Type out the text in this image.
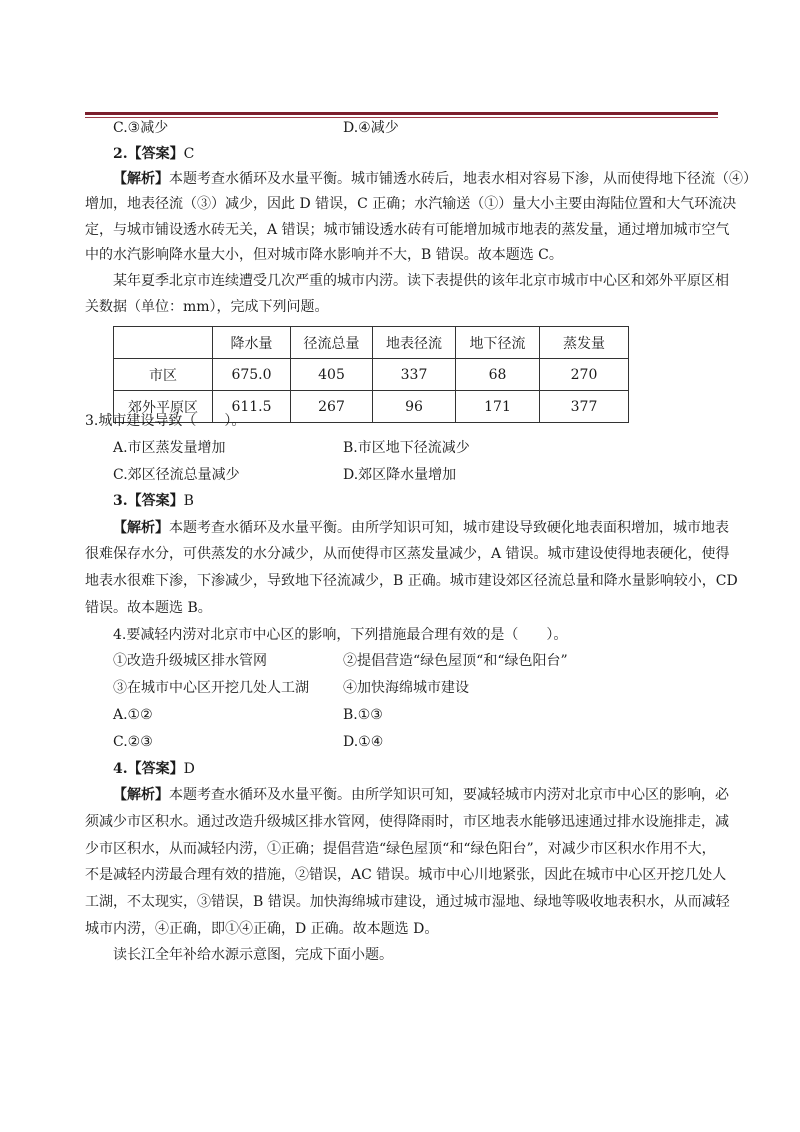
C.③减少	D.④减少
2.【答案】C
【解析】本题考查水循环及水量平衡。城市铺透水砖后，地表水相对容易下渗，从而使得地下径流（④）
增加，地表径流（③）减少，因此 D 错误，C 正确；水汽输送（①）量大小主要由海陆位置和大气环流决
定，与城市铺设透水砖无关，A 错误；城市铺设透水砖有可能增加城市地表的蒸发量，通过增加城市空气
中的水汽影响降水量大小，但对城市降水影响并不大，B 错误。故本题选 C。
某年夏季北京市连续遭受几次严重的城市内涝。读下表提供的该年北京市城市中心区和郊外平原区相
关数据（单位：mm），完成下列问题。
	降水量	径流总量	地表径流	地下径流	蒸发量
市区	675.0	405	337	68	270
郊外平原区	611.5	267	96	171	377
3.城市建设导致（　　）。
A.市区蒸发量增加	B.市区地下径流减少
C.郊区径流总量减少	D.郊区降水量增加
3.【答案】B
【解析】本题考查水循环及水量平衡。由所学知识可知，城市建设导致硬化地表面积增加，城市地表
很难保存水分，可供蒸发的水分减少，从而使得市区蒸发量减少，A 错误。城市建设使得地表硬化，使得
地表水很难下渗，下渗减少，导致地下径流减少，B 正确。城市建设郊区径流总量和降水量影响较小，CD
错误。故本题选 B。
4.要减轻内涝对北京市中心区的影响，下列措施最合理有效的是（　　）。
①改造升级城区排水管网	②提倡营造“绿色屋顶“和“绿色阳台”
③在城市中心区开挖几处人工湖 ④加快海绵城市建设
A.①②	B.①③
C.②③	D.①④
4.【答案】D
【解析】本题考查水循环及水量平衡。由所学知识可知，要减轻城市内涝对北京市中心区的影响，必
须减少市区积水。通过改造升级城区排水管网，使得降雨时，市区地表水能够迅速通过排水设施排走，减
少市区积水，从而减轻内涝，①正确；提倡营造“绿色屋顶“和“绿色阳台”，对减少市区积水作用不大，
不是减轻内涝最合理有效的措施，②错误，AC 错误。城市中心川地紧张，因此在城市中心区开挖几处人
工湖，不太现实，③错误，B 错误。加快海绵城市建设，通过城市湿地、绿地等吸收地表积水，从而减轻
城市内涝，④正确，即①④正确，D 正确。故本题选 D。
读长江全年补给水源示意图，完成下面小题。
